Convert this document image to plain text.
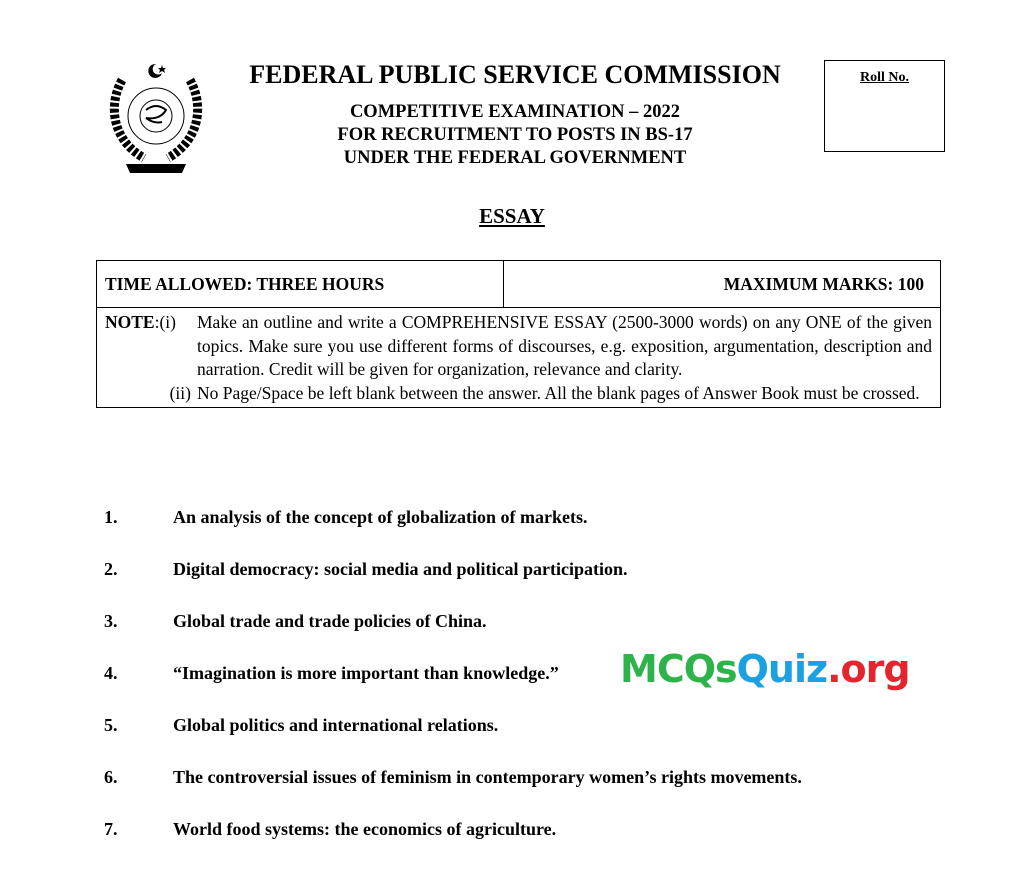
FEDERAL PUBLIC SERVICE COMMISSION
COMPETITIVE EXAMINATION – 2022
FOR RECRUITMENT TO POSTS IN BS-17
UNDER THE FEDERAL GOVERNMENT
Roll No.
ESSAY
TIME ALLOWED: THREE HOURS	MAXIMUM MARKS: 100

NOTE:(i)	Make an outline and write a COMPREHENSIVE ESSAY (2500-3000 words) on any ONE of the given topics. Make sure you use different forms of discourses, e.g. exposition, argumentation, description and narration. Credit will be given for organization, relevance and clarity.
(ii) No Page/Space be left blank between the answer. All the blank pages of Answer Book must be crossed.
1.	An analysis of the concept of globalization of markets.
2.	Digital democracy: social media and political participation.
3.	Global trade and trade policies of China.
4.	“Imagination is more important than knowledge.”
5.	Global politics and international relations.
6.	The controversial issues of feminism in contemporary women’s rights movements.
7.	World food systems: the economics of agriculture.
MCQsQuiz.org
